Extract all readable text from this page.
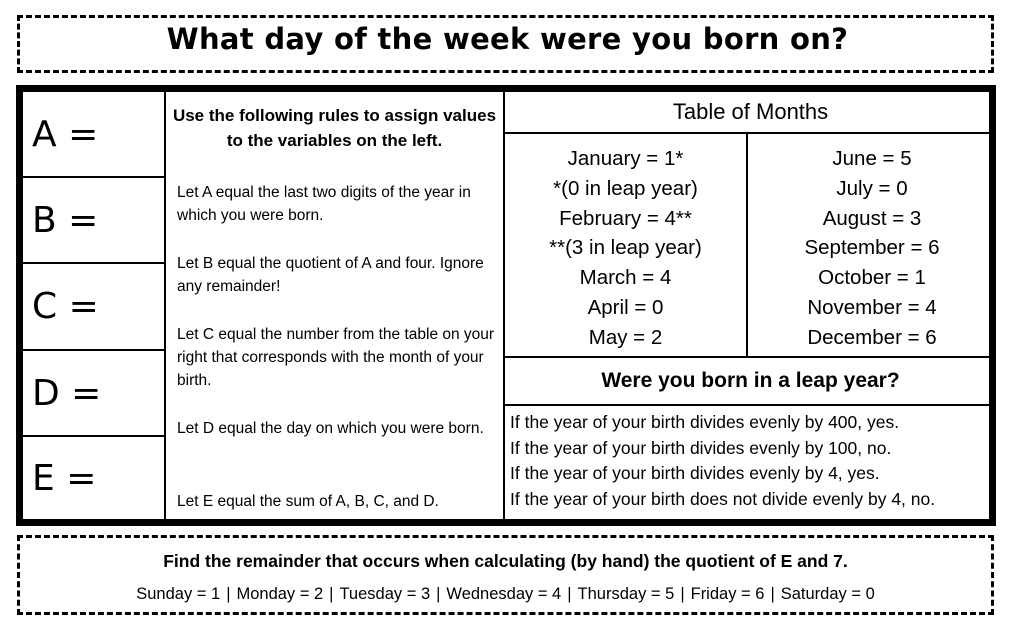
What day of the week were you born on?
A =
B =
C =
D =
E =
Use the following rules to assign values to the variables on the left.
Let A equal the last two digits of the year in which you were born.
Let B equal the quotient of A and four. Ignore any remainder!
Let C equal the number from the table on your right that corresponds with the month of your birth.
Let D equal the day on which you were born.
Let E equal the sum of A, B, C, and D.
Table of Months
January = 1*
*(0 in leap year)
February = 4**
**(3 in leap year)
March = 4
April = 0
May = 2
June = 5
July = 0
August = 3
September = 6
October = 1
November = 4
December = 6
Were you born in a leap year?
If the year of your birth divides evenly by 400, yes.
If the year of your birth divides evenly by 100, no.
If the year of your birth divides evenly by 4, yes.
If the year of your birth does not divide evenly by 4, no.
Find the remainder that occurs when calculating (by hand) the quotient of E and 7.
Sunday = 1 | Monday = 2 | Tuesday = 3 | Wednesday = 4 | Thursday = 5 | Friday = 6 | Saturday = 0
